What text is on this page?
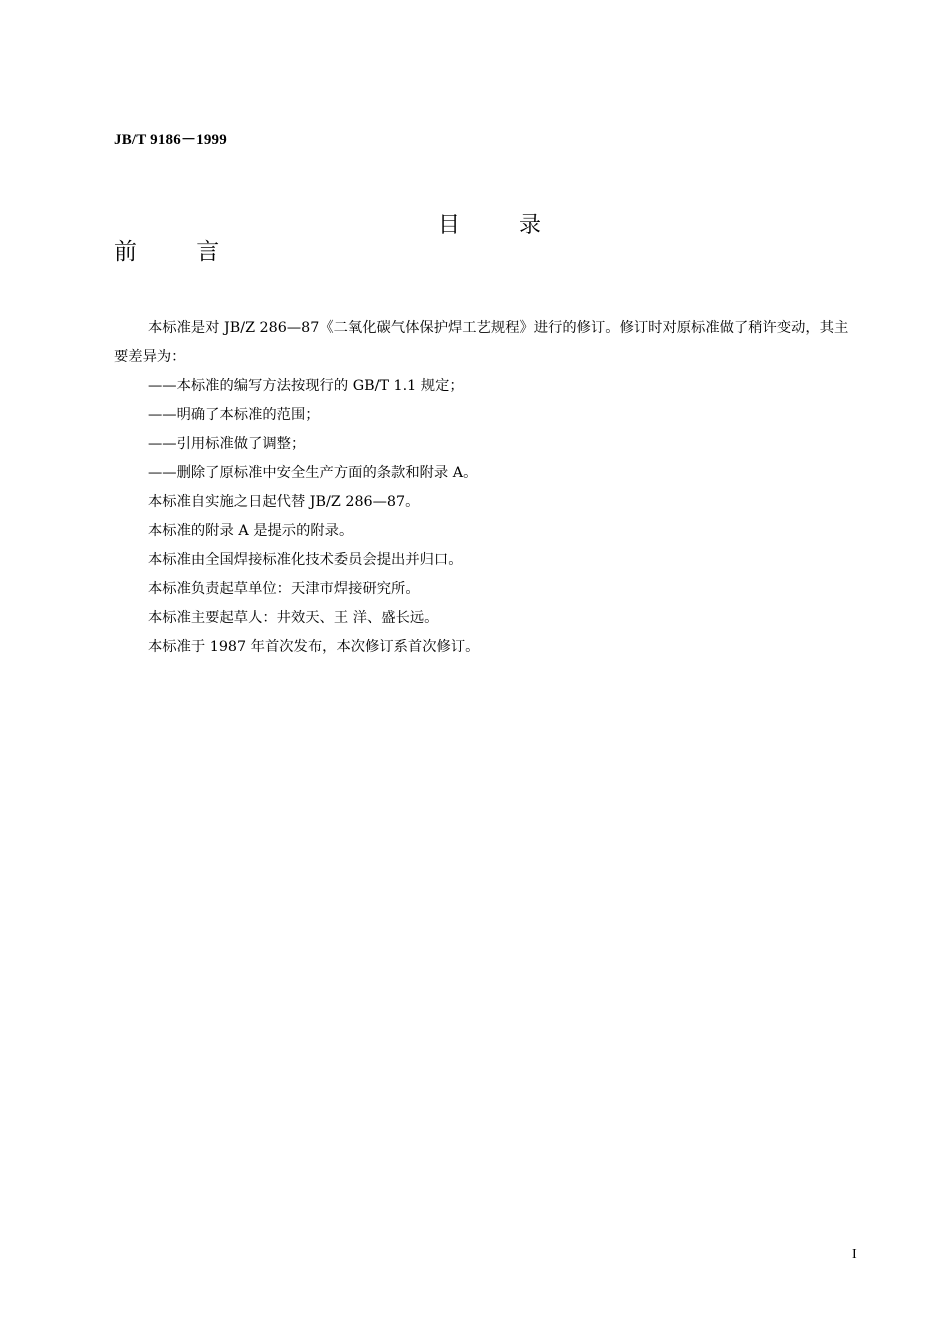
JB/T 9186－1999
目 录
前 言

本标准是对 JB/Z 286—87《二氧化碳气体保护焊工艺规程》进行的修订。修订时对原标准做了稍许变动，其主要差异为：

——本标准的编写方法按现行的 GB/T 1.1 规定；

——明确了本标准的范围；

——引用标准做了调整；

——删除了原标准中安全生产方面的条款和附录 A。

本标准自实施之日起代替 JB/Z 286—87。

本标准的附录 A 是提示的附录。

本标准由全国焊接标准化技术委员会提出并归口。

本标准负责起草单位：天津市焊接研究所。

本标准主要起草人：井效天、王 洋、盛长远。

本标准于 1987 年首次发布，本次修订系首次修订。

I
